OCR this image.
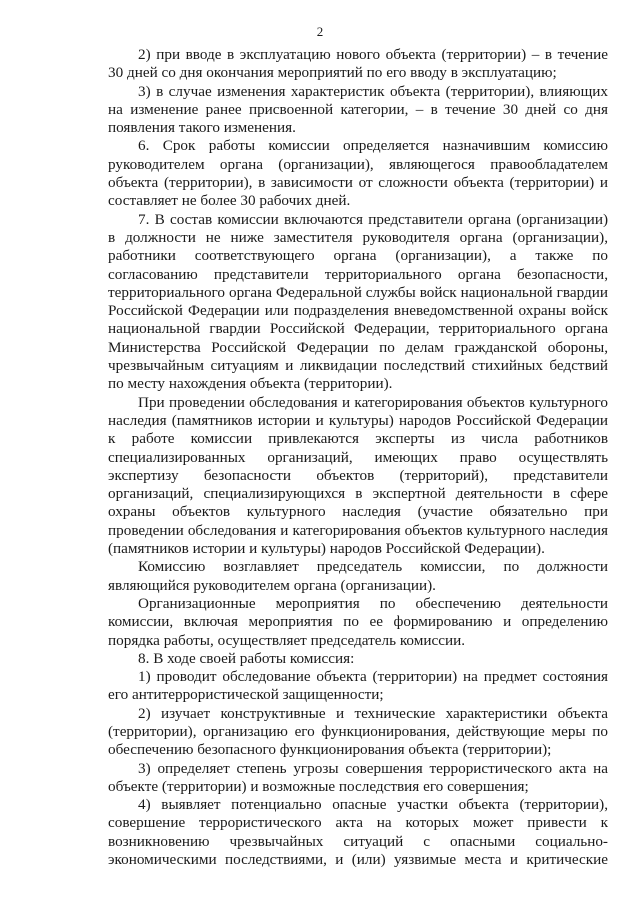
2

2) при вводе в эксплуатацию нового объекта (территории) – в течение 30 дней со дня окончания мероприятий по его вводу в эксплуатацию;

3) в случае изменения характеристик объекта (территории), влияющих на изменение ранее присвоенной категории, – в течение 30 дней со дня появления такого изменения.

6. Срок работы комиссии определяется назначившим комиссию руководителем органа (организации), являющегося правообладателем объекта (территории), в зависимости от сложности объекта (территории) и составляет не более 30 рабочих дней.

7. В состав комиссии включаются представители органа (организации) в должности не ниже заместителя руководителя органа (организации), работники соответствующего органа (организации), а также по согласованию представители территориального органа безопасности, территориального органа Федеральной службы войск национальной гвардии Российской Федерации или подразделения вневедомственной охраны войск национальной гвардии Российской Федерации, территориального органа Министерства Российской Федерации по делам гражданской обороны, чрезвычайным ситуациям и ликвидации последствий стихийных бедствий по месту нахождения объекта (территории).

При проведении обследования и категорирования объектов культурного наследия (памятников истории и культуры) народов Российской Федерации к работе комиссии привлекаются эксперты из числа работников специализированных организаций, имеющих право осуществлять экспертизу безопасности объектов (территорий), представители организаций, специализирующихся в экспертной деятельности в сфере охраны объектов культурного наследия (участие обязательно при проведении обследования и категорирования объектов культурного наследия (памятников истории и культуры) народов Российской Федерации).

Комиссию возглавляет председатель комиссии, по должности являющийся руководителем органа (организации).

Организационные мероприятия по обеспечению деятельности комиссии, включая мероприятия по ее формированию и определению порядка работы, осуществляет председатель комиссии.

8. В ходе своей работы комиссия:

1) проводит обследование объекта (территории) на предмет состояния его антитеррористической защищенности;

2) изучает конструктивные и технические характеристики объекта (территории), организацию его функционирования, действующие меры по обеспечению безопасного функционирования объекта (территории);

3) определяет степень угрозы совершения террористического акта на объекте (территории) и возможные последствия его совершения;

4) выявляет потенциально опасные участки объекта (территории), совершение террористического акта на которых может привести к возникновению чрезвычайных ситуаций с опасными социально-экономическими последствиями, и (или) уязвимые места и критические
